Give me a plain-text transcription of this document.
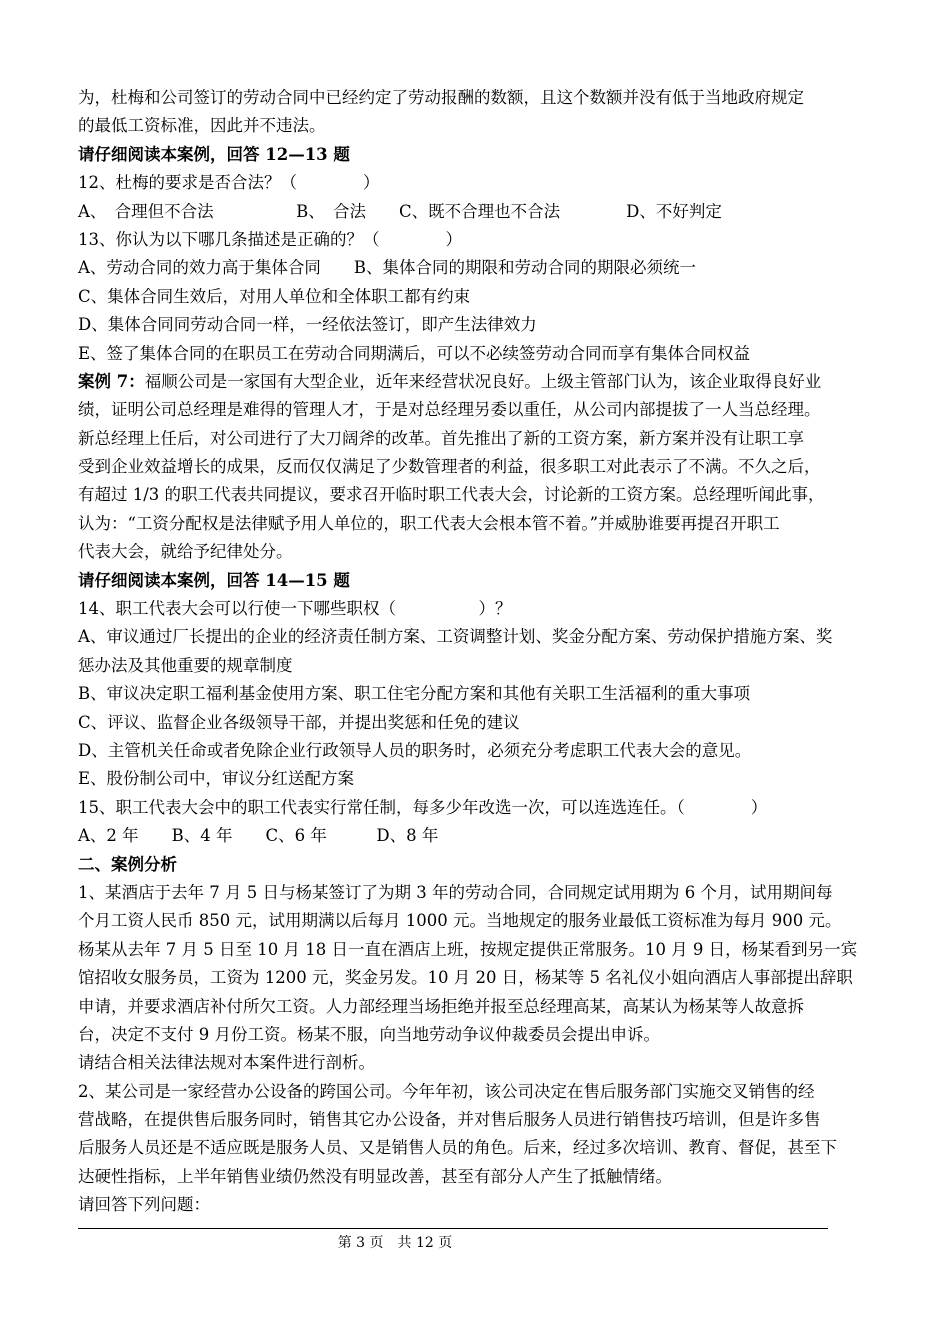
为，杜梅和公司签订的劳动合同中已经约定了劳动报酬的数额，且这个数额并没有低于当地政府规定
的最低工资标准，因此并不违法。
请仔细阅读本案例，回答 12—13 题
12、杜梅的要求是否合法？（　　　　）
A、　合理但不合法　　　　　B、　合法　　C、既不合理也不合法　　　　D、不好判定
13、你认为以下哪几条描述是正确的？（　　　　）
A、劳动合同的效力高于集体合同　　B、集体合同的期限和劳动合同的期限必须统一
C、集体合同生效后，对用人单位和全体职工都有约束
D、集体合同同劳动合同一样，一经依法签订，即产生法律效力
E、签了集体合同的在职员工在劳动合同期满后，可以不必续签劳动合同而享有集体合同权益
案例 7：福顺公司是一家国有大型企业，近年来经营状况良好。上级主管部门认为，该企业取得良好业
绩，证明公司总经理是难得的管理人才，于是对总经理另委以重任，从公司内部提拔了一人当总经理。
新总经理上任后，对公司进行了大刀阔斧的改革。首先推出了新的工资方案，新方案并没有让职工享
受到企业效益增长的成果，反而仅仅满足了少数管理者的利益，很多职工对此表示了不满。不久之后，
有超过 1/3 的职工代表共同提议，要求召开临时职工代表大会，讨论新的工资方案。总经理听闻此事，
认为：“工资分配权是法律赋予用人单位的，职工代表大会根本管不着。”并威胁谁要再提召开职工
代表大会，就给予纪律处分。
请仔细阅读本案例，回答 14—15 题
14、职工代表大会可以行使一下哪些职权（　　　　　）？
A、审议通过厂长提出的企业的经济责任制方案、工资调整计划、奖金分配方案、劳动保护措施方案、奖
惩办法及其他重要的规章制度
B、审议决定职工福利基金使用方案、职工住宅分配方案和其他有关职工生活福利的重大事项
C、评议、监督企业各级领导干部，并提出奖惩和任免的建议
D、主管机关任命或者免除企业行政领导人员的职务时，必须充分考虑职工代表大会的意见。
E、股份制公司中，审议分红送配方案
15、职工代表大会中的职工代表实行常任制，每多少年改选一次，可以连选连任。（　　　　）
A、2 年　　B、4 年　　C、6 年　　　D、8 年
二、案例分析
1、某酒店于去年 7 月 5 日与杨某签订了为期 3 年的劳动合同，合同规定试用期为 6 个月，试用期间每
个月工资人民币 850 元，试用期满以后每月 1000 元。当地规定的服务业最低工资标准为每月 900 元。
杨某从去年 7 月 5 日至 10 月 18 日一直在酒店上班，按规定提供正常服务。10 月 9 日，杨某看到另一宾
馆招收女服务员，工资为 1200 元，奖金另发。10 月 20 日，杨某等 5 名礼仪小姐向酒店人事部提出辞职
申请，并要求酒店补付所欠工资。人力部经理当场拒绝并报至总经理高某，高某认为杨某等人故意拆
台，决定不支付 9 月份工资。杨某不服，向当地劳动争议仲裁委员会提出申诉。
请结合相关法律法规对本案件进行剖析。
2、某公司是一家经营办公设备的跨国公司。今年年初，该公司决定在售后服务部门实施交叉销售的经
营战略，在提供售后服务同时，销售其它办公设备，并对售后服务人员进行销售技巧培训，但是许多售
后服务人员还是不适应既是服务人员、又是销售人员的角色。后来，经过多次培训、教育、督促，甚至下
达硬性指标，上半年销售业绩仍然没有明显改善，甚至有部分人产生了抵触情绪。
请回答下列问题：
第 3 页　共 12 页
